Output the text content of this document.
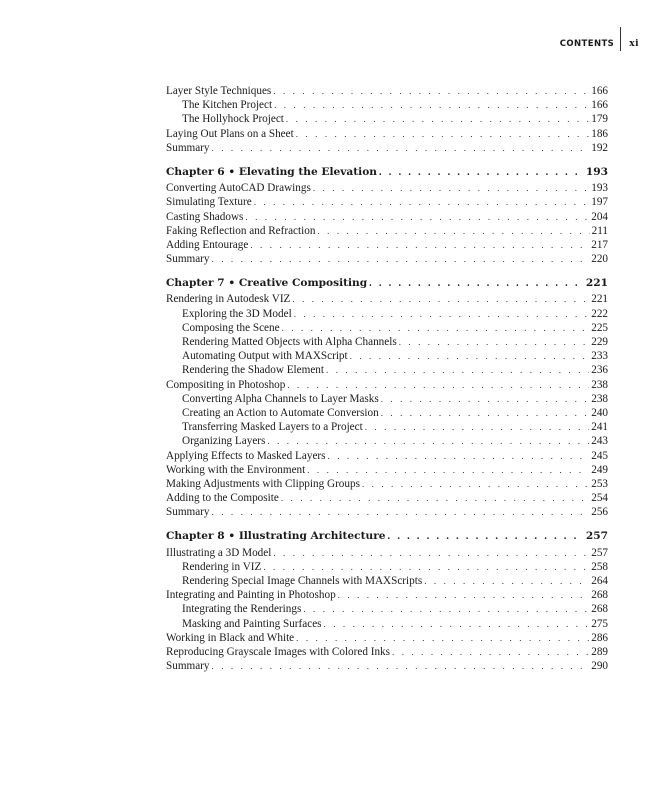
CONTENTS xi
Layer Style Techniques . . .	166
The Kitchen Project . . .	166
The Hollyhock Project . . .	179
Laying Out Plans on a Sheet . . .	186
Summary . . .	192
Chapter 6 • Elevating the Elevation . . .	193
Converting AutoCAD Drawings . . .	193
Simulating Texture . . .	197
Casting Shadows . . .	204
Faking Reflection and Refraction . . .	211
Adding Entourage . . .	217
Summary . . .	220
Chapter 7 • Creative Compositing . . .	221
Rendering in Autodesk VIZ . . .	221
Exploring the 3D Model . . .	222
Composing the Scene . . .	225
Rendering Matted Objects with Alpha Channels . . .	229
Automating Output with MAXScript . . .	233
Rendering the Shadow Element . . .	236
Compositing in Photoshop . . .	238
Converting Alpha Channels to Layer Masks . . .	238
Creating an Action to Automate Conversion . . .	240
Transferring Masked Layers to a Project . . .	241
Organizing Layers . . .	243
Applying Effects to Masked Layers . . .	245
Working with the Environment . . .	249
Making Adjustments with Clipping Groups . . .	253
Adding to the Composite . . .	254
Summary . . .	256
Chapter 8 • Illustrating Architecture . . .	257
Illustrating a 3D Model . . .	257
Rendering in VIZ . . .	258
Rendering Special Image Channels with MAXScripts . . .	264
Integrating and Painting in Photoshop . . .	268
Integrating the Renderings . . .	268
Masking and Painting Surfaces . . .	275
Working in Black and White . . .	286
Reproducing Grayscale Images with Colored Inks . . .	289
Summary . . .	290
